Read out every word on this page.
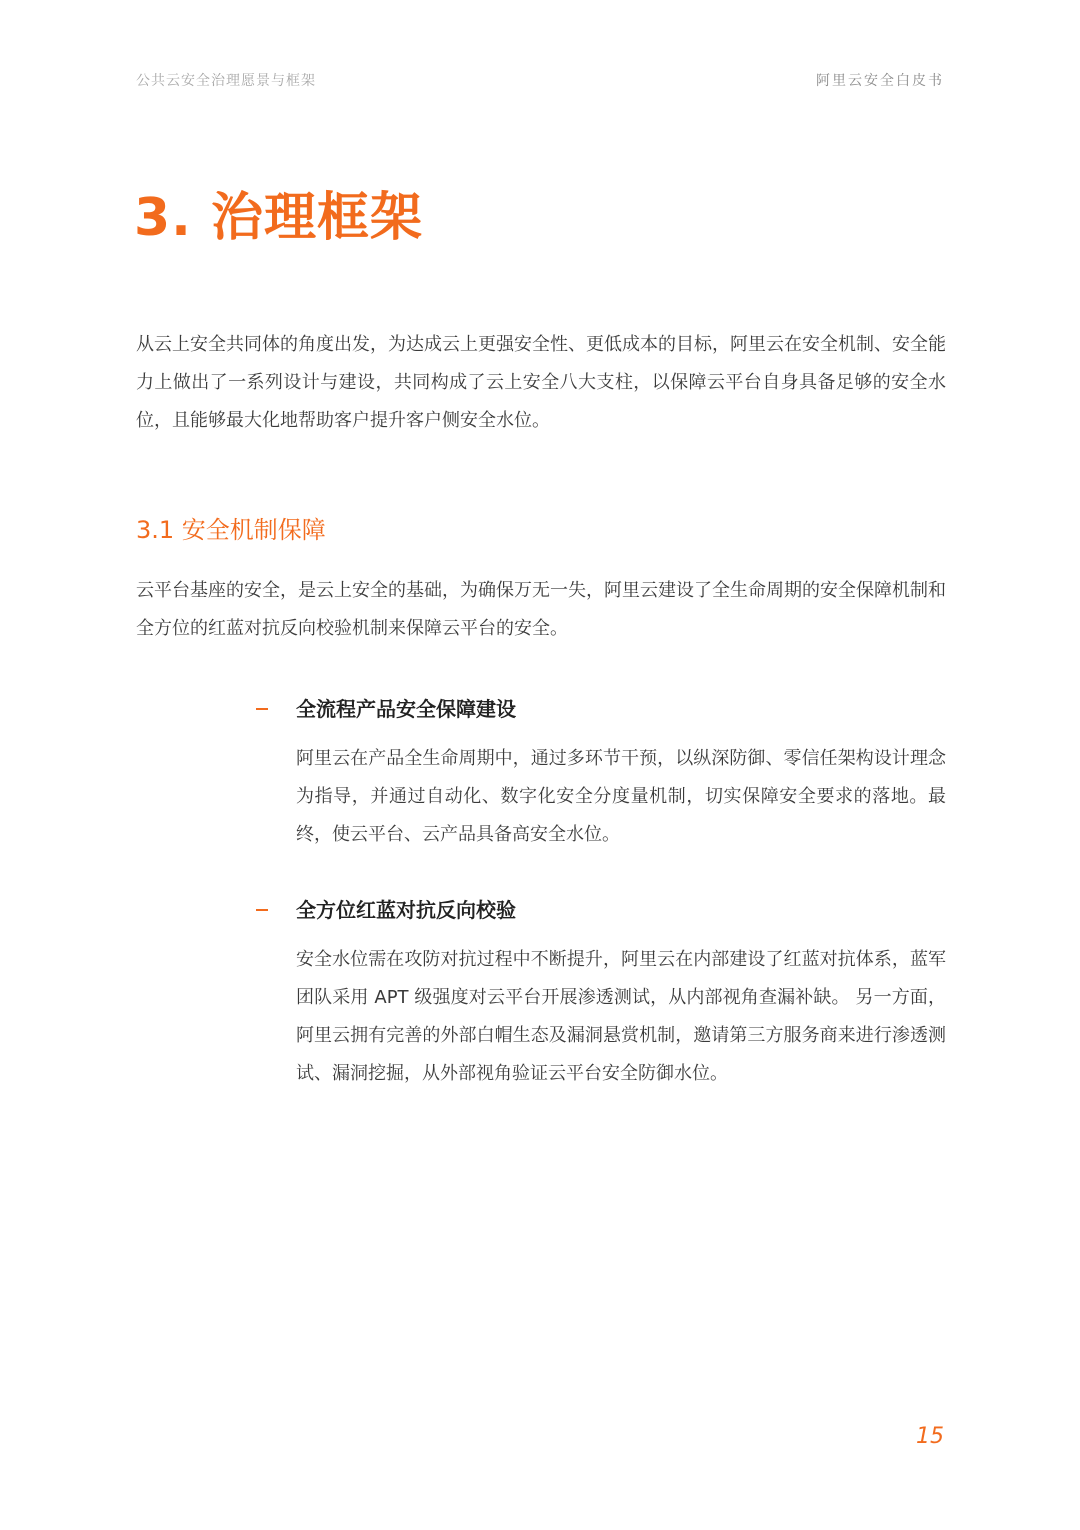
公共云安全治理愿景与框架	阿里云安全白皮书
3. 治理框架

从云上安全共同体的角度出发，为达成云上更强安全性、更低成本的目标，阿里云在安全机制、安全能力上做出了一系列设计与建设，共同构成了云上安全八大支柱，以保障云平台自身具备足够的安全水位，且能够最大化地帮助客户提升客户侧安全水位。

3.1 安全机制保障

云平台基座的安全，是云上安全的基础，为确保万无一失，阿里云建设了全生命周期的安全保障机制和全方位的红蓝对抗反向校验机制来保障云平台的安全。

全流程产品安全保障建设

阿里云在产品全生命周期中，通过多环节干预，以纵深防御、零信任架构设计理念为指导，并通过自动化、数字化安全分度量机制，切实保障安全要求的落地。最终，使云平台、云产品具备高安全水位。

全方位红蓝对抗反向校验

安全水位需在攻防对抗过程中不断提升，阿里云在内部建设了红蓝对抗体系，蓝军团队采用 APT 级强度对云平台开展渗透测试，从内部视角查漏补缺。 另一方面，阿里云拥有完善的外部白帽生态及漏洞悬赏机制，邀请第三方服务商来进行渗透测试、漏洞挖掘，从外部视角验证云平台安全防御水位。

15
